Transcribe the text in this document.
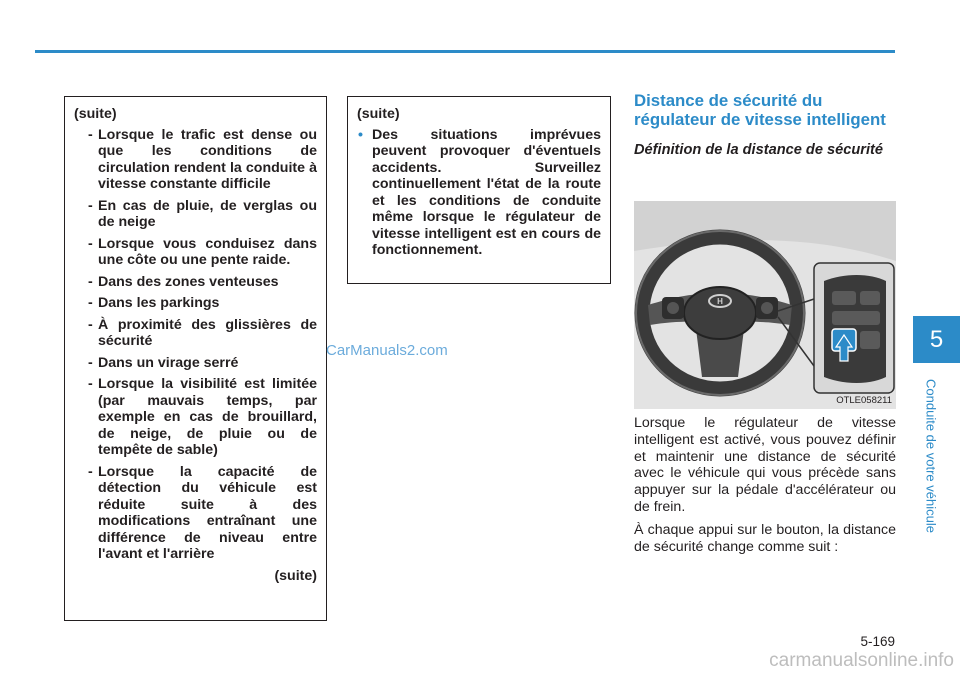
(suite)
- Lorsque le trafic est dense ou que les conditions de circulation rendent la conduite à vitesse constante difficile
- En cas de pluie, de verglas ou de neige
- Lorsque vous conduisez dans une côte ou une pente raide.
- Dans des zones venteuses
- Dans les parkings
- À proximité des glissières de sécurité
- Dans un virage serré
- Lorsque la visibilité est limitée (par mauvais temps, par exemple en cas de brouillard, de neige, de pluie ou de tempête de sable)
- Lorsque la capacité de détection du véhicule est réduite suite à des modifications entraînant une différence de niveau entre l'avant et l'arrière
(suite)
(suite)
• Des situations imprévues peuvent provoquer d'éventuels accidents. Surveillez continuellement l'état de la route et les conditions de conduite même lorsque le régulateur de vitesse intelligent est en cours de fonctionnement.
Distance de sécurité du régulateur de vitesse intelligent
Définition de la distance de sécurité
H
OTLE058211

Lorsque le régulateur de vitesse intelligent est activé, vous pouvez définir et maintenir une distance de sécurité avec le véhicule qui vous précède sans appuyer sur la pédale d'accélérateur ou de frein.

À chaque appui sur le bouton, la distance de sécurité change comme suit :

5
Conduite de votre véhicule
5-169
CarManuals2.com
carmanualsonline.info
